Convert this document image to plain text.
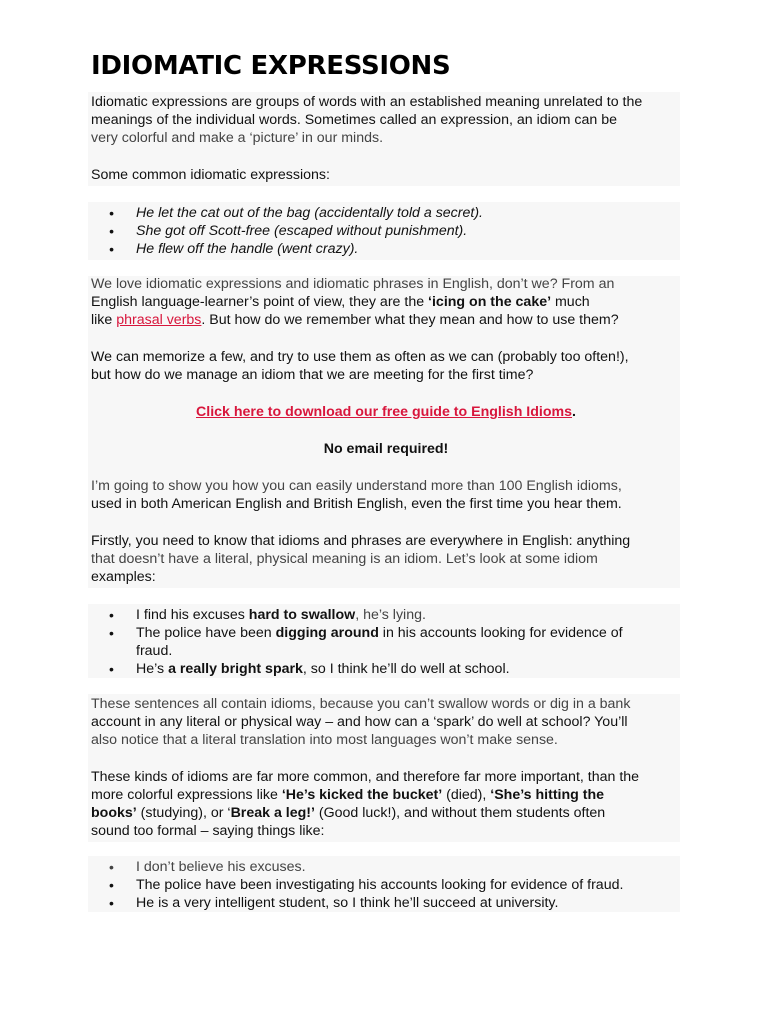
IDIOMATIC EXPRESSIONS
Idiomatic expressions are groups of words with an established meaning unrelated to the
meanings of the individual words. Sometimes called an expression, an idiom can be
very colorful and make a ‘picture’ in our minds.
Some common idiomatic expressions:
• He let the cat out of the bag (accidentally told a secret).
• She got off Scott-free (escaped without punishment).
• He flew off the handle (went crazy).
We love idiomatic expressions and idiomatic phrases in English, don’t we? From an
English language-learner’s point of view, they are the ‘icing on the cake’ much
like phrasal verbs. But how do we remember what they mean and how to use them?
We can memorize a few, and try to use them as often as we can (probably too often!),
but how do we manage an idiom that we are meeting for the first time?
Click here to download our free guide to English Idioms.
No email required!
I’m going to show you how you can easily understand more than 100 English idioms,
used in both American English and British English, even the first time you hear them.
Firstly, you need to know that idioms and phrases are everywhere in English: anything
that doesn’t have a literal, physical meaning is an idiom. Let’s look at some idiom
examples:
• I find his excuses hard to swallow, he’s lying.
• The police have been digging around in his accounts looking for evidence of
fraud.
• He’s a really bright spark, so I think he’ll do well at school.
These sentences all contain idioms, because you can’t swallow words or dig in a bank
account in any literal or physical way – and how can a ‘spark’ do well at school? You’ll
also notice that a literal translation into most languages won’t make sense.
These kinds of idioms are far more common, and therefore far more important, than the
more colorful expressions like ‘He’s kicked the bucket’ (died), ‘She’s hitting the
books’ (studying), or ‘Break a leg!’ (Good luck!), and without them students often
sound too formal – saying things like:
• I don’t believe his excuses.
• The police have been investigating his accounts looking for evidence of fraud.
• He is a very intelligent student, so I think he’ll succeed at university.
